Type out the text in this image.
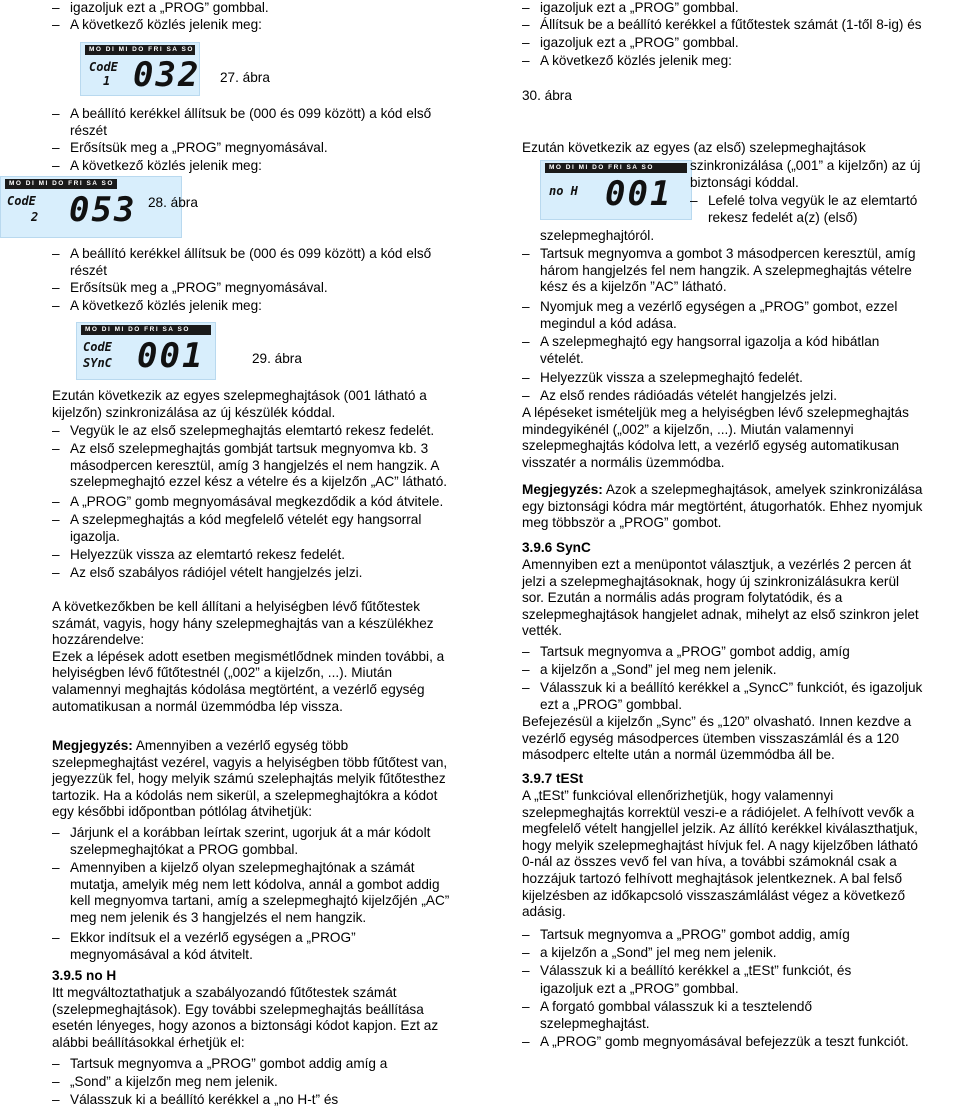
– igazoljuk ezt a „PROG” gombbal.
– A következő közlés jelenik meg:
MO DI MI DO FRI SA SO
CodE
1 032 27. ábra
– A beállító kerékkel állítsuk be (000 és 099 között) a kód első
részét
– Erősítsük meg a „PROG” megnyomásával.
– A következő közlés jelenik meg:
MO DI MI DO FRI SA SO
CodE
2 053 28. ábra
– A beállító kerékkel állítsuk be (000 és 099 között) a kód első
részét
– Erősítsük meg a „PROG” megnyomásával.
– A következő közlés jelenik meg:
MO DI MI DO FRI SA SO
CodE
SYnC 001	29. ábra
Ezután következik az egyes szelepmeghajtások (001 látható a
kijelzőn) szinkronizálása az új készülék kóddal.
– Vegyük le az első szelepmeghajtás elemtartó rekesz fedelét.
– Az első szelepmeghajtás gombját tartsuk megnyomva kb. 3
másodpercen keresztül, amíg 3 hangjelzés el nem hangzik. A
szelepmeghajtó ezzel kész a vételre és a kijelzőn „AC” látható.
– A „PROG” gomb megnyomásával megkezdődik a kód átvitele.
– A szelepmeghajtás a kód megfelelő vételét egy hangsorral
igazolja.
– Helyezzük vissza az elemtartó rekesz fedelét.
– Az első szabályos rádiójel vételt hangjelzés jelzi.
A következőkben be kell állítani a helyiségben lévő fűtőtestek
számát, vagyis, hogy hány szelepmeghajtás van a készülékhez
hozzárendelve:
Ezek a lépések adott esetben megismétlődnek minden további, a
helyiségben lévő fűtőtestnél („002” a kijelzőn, ...). Miután
valamennyi meghajtás kódolása megtörtént, a vezérlő egység
automatikusan a normál üzemmódba lép vissza.
Megjegyzés: Amennyiben a vezérlő egység több
szelepmeghajtást vezérel, vagyis a helyiségben több fűtőtest van,
jegyezzük fel, hogy melyik számú szelephajtás melyik fűtőtesthez
tartozik. Ha a kódolás nem sikerül, a szelepmeghajtókra a kódot
egy későbbi időpontban pótlólag átvihetjük:
– Járjunk el a korábban leírtak szerint, ugorjuk át a már kódolt
szelepmeghajtókat a PROG gombbal.
– Amennyiben a kijelző olyan szelepmeghajtónak a számát
mutatja, amelyik még nem lett kódolva, annál a gombot addig
kell megnyomva tartani, amíg a szelepmeghajtó kijelzőjén „AC”
meg nem jelenik és 3 hangjelzés el nem hangzik.
– Ekkor indítsuk el a vezérlő egységen a „PROG”
megnyomásával a kód átvitelt.
3.9.5 no H
Itt megváltoztathatjuk a szabályozandó fűtőtestek számát
(szelepmeghajtások). Egy további szelepmeghajtás beállítása
esetén lényeges, hogy azonos a biztonsági kódot kapjon. Ezt az
alábbi beállításokkal érhetjük el:
– Tartsuk megnyomva a „PROG” gombot addig amíg a
– „Sond” a kijelzőn meg nem jelenik.
– Válasszuk ki a beállító kerékkel a „no H-t” és
– igazoljuk ezt a „PROG” gombbal.
– Állítsuk be a beállító kerékkel a fűtőtestek számát (1-től 8-ig) és
– igazoljuk ezt a „PROG” gombbal.
– A következő közlés jelenik meg:
30. ábra
Ezután következik az egyes (az első) szelepmeghajtások
MO DI MI DO FRI SA SO
no H 001
szinkronizálása („001” a kijelzőn) az új
biztonsági kóddal.
– Lefelé tolva vegyük le az elemtartó
rekesz fedelét a(z) (első)
szelepmeghajtóról.
– Tartsuk megnyomva a gombot 3 másodpercen keresztül, amíg
három hangjelzés fel nem hangzik. A szelepmeghajtás vételre
kész és a kijelzőn ”AC” látható.
– Nyomjuk meg a vezérlő egységen a „PROG” gombot, ezzel
megindul a kód adása.
– A szelepmeghajtó egy hangsorral igazolja a kód hibátlan
vételét.
– Helyezzük vissza a szelepmeghajtó fedelét.
– Az első rendes rádióadás vételét hangjelzés jelzi.
A lépéseket ismételjük meg a helyiségben lévő szelepmeghajtás
mindegyikénél („002” a kijelzőn, ...). Miután valamennyi
szelepmeghajtás kódolva lett, a vezérlő egység automatikusan
visszatér a normális üzemmódba.
Megjegyzés: Azok a szelepmeghajtások, amelyek szinkronizálása
egy biztonsági kódra már megtörtént, átugorhatók. Ehhez nyomjuk
meg többször a „PROG” gombot.
3.9.6 SynC
Amennyiben ezt a menüpontot választjuk, a vezérlés 2 percen át
jelzi a szelepmeghajtásoknak, hogy új szinkronizálásukra kerül
sor. Ezután a normális adás program folytatódik, és a
szelepmeghajtások hangjelet adnak, mihelyt az első szinkron jelet
vették.
– Tartsuk megnyomva a „PROG” gombot addig, amíg
– a kijelzőn a „Sond” jel meg nem jelenik.
– Válasszuk ki a beállító kerékkel a „SyncC” funkciót, és igazoljuk
ezt a „PROG” gombbal.
Befejezésül a kijelzőn „Sync” és „120” olvasható. Innen kezdve a
vezérlő egység másodperces ütemben visszaszámlál és a 120
másodperc eltelte után a normál üzemmódba áll be.
3.9.7 tESt
A „tESt” funkcióval ellenőrizhetjük, hogy valamennyi
szelepmeghajtás korrektül veszi-e a rádiójelet. A felhívott vevők a
megfelelő vételt hangjellel jelzik. Az állító kerékkel kiválaszthatjuk,
hogy melyik szelepmeghajtást hívjuk fel. A nagy kijelzőben látható
0-nál az összes vevő fel van híva, a további számoknál csak a
hozzájuk tartozó felhívott meghajtások jelentkeznek. A bal felső
kijelzésben az időkapcsoló visszaszámlálást végez a következő
adásig.
– Tartsuk megnyomva a „PROG” gombot addig, amíg
– a kijelzőn a „Sond” jel meg nem jelenik.
– Válasszuk ki a beállító kerékkel a „tESt” funkciót, és
igazoljuk ezt a „PROG” gombbal.
– A forgató gombbal válasszuk ki a tesztelendő
szelepmeghajtást.
– A „PROG” gomb megnyomásával befejezzük a teszt funkciót.
